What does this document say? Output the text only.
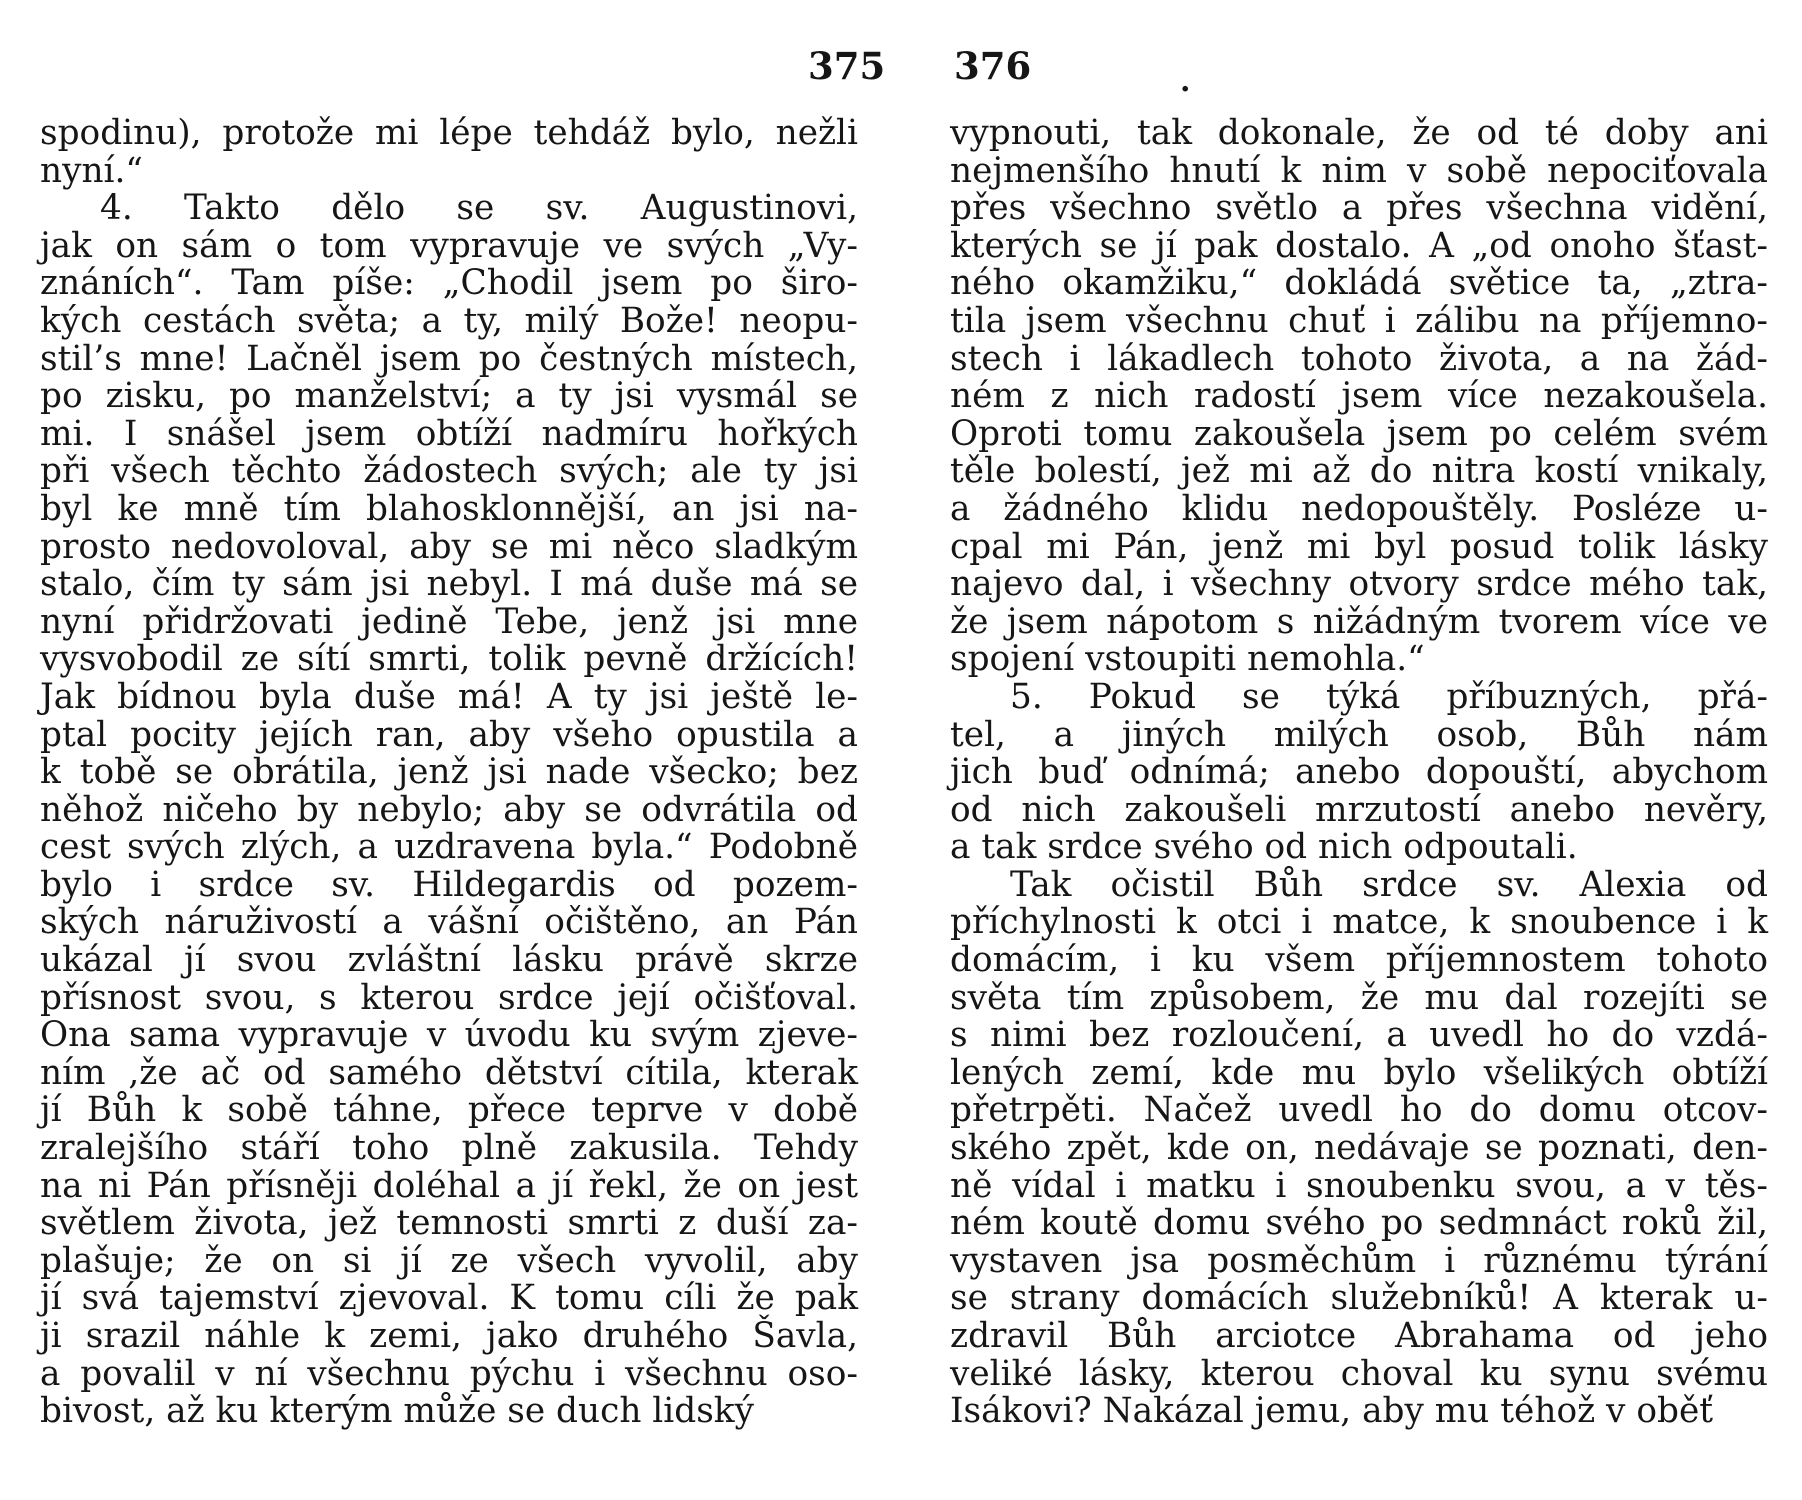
375 376	.
spodinu), protože mi lépe tehdáž bylo, nežli
nyní.“
4. Takto dělo se sv. Augustinovi,
jak on sám o tom vypravuje ve svých „Vy-
znáních“. Tam píše: „Chodil jsem po širo-
kých cestách světa; a ty, milý Bože! neopu-
stil’s mne! Lačněl jsem po čestných místech,
po zisku, po manželství; a ty jsi vysmál se
mi. I snášel jsem obtíží nadmíru hořkých
při všech těchto žádostech svých; ale ty jsi
byl ke mně tím blahosklonnější, an jsi na-
prosto nedovoloval, aby se mi něco sladkým
stalo, čím ty sám jsi nebyl. I má duše má se
nyní přidržovati jedině Tebe, jenž jsi mne
vysvobodil ze sítí smrti, tolik pevně držících!
Jak bídnou byla duše má! A ty jsi ještě le-
ptal pocity jejích ran, aby všeho opustila a
k tobě se obrátila, jenž jsi nade všecko; bez
něhož ničeho by nebylo; aby se odvrátila od
cest svých zlých, a uzdravena byla.“ Podobně
bylo i srdce sv. Hildegardis od pozem-
ských náruživostí a vášní očištěno, an Pán
ukázal jí svou zvláštní lásku právě skrze
přísnost svou, s kterou srdce její očišťoval.
Ona sama vypravuje v úvodu ku svým zjeve-
ním ,že ač od samého dětství cítila, kterak
jí Bůh k sobě táhne, přece teprve v době
zralejšího stáří toho plně zakusila. Tehdy
na ni Pán přísněji doléhal a jí řekl, že on jest
světlem života, jež temnosti smrti z duší za-
plašuje; že on si jí ze všech vyvolil, aby
jí svá tajemství zjevoval. K tomu cíli že pak
ji srazil náhle k zemi, jako druhého Šavla,
a povalil v ní všechnu pýchu i všechnu oso-
bivost, až ku kterým může se duch lidský
vypnouti, tak dokonale, že od té doby ani
nejmenšího hnutí k nim v sobě nepociťovala
přes všechno světlo a přes všechna vidění,
kterých se jí pak dostalo. A „od onoho šťast-
ného okamžiku,“ dokládá světice ta, „ztra-
tila jsem všechnu chuť i zálibu na příjemno-
stech i lákadlech tohoto života, a na žád-
ném z nich radostí jsem více nezakoušela.
Oproti tomu zakoušela jsem po celém svém
těle bolestí, jež mi až do nitra kostí vnikaly,
a žádného klidu nedopouštěly. Posléze u-
cpal mi Pán, jenž mi byl posud tolik lásky
najevo dal, i všechny otvory srdce mého tak,
že jsem nápotom s nižádným tvorem více ve
spojení vstoupiti nemohla.“
5. Pokud se týká příbuzných, přá-
tel, a jiných milých osob, Bůh nám
jich buď odnímá; anebo dopouští, abychom
od nich zakoušeli mrzutostí anebo nevěry,
a tak srdce svého od nich odpoutali.
Tak očistil Bůh srdce sv. Alexia od
příchylnosti k otci i matce, k snoubence i k
domácím, i ku všem příjemnostem tohoto
světa tím způsobem, že mu dal rozejíti se
s nimi bez rozloučení, a uvedl ho do vzdá-
lených zemí, kde mu bylo všelikých obtíží
přetrpěti. Načež uvedl ho do domu otcov-
ského zpět, kde on, nedávaje se poznati, den-
ně vídal i matku i snoubenku svou, a v těs-
ném koutě domu svého po sedmnáct roků žil,
vystaven jsa posměchům i různému týrání
se strany domácích služebníků! A kterak u-
zdravil Bůh arciotce Abrahama od jeho
veliké lásky, kterou choval ku synu svému
Isákovi? Nakázal jemu, aby mu téhož v oběť
